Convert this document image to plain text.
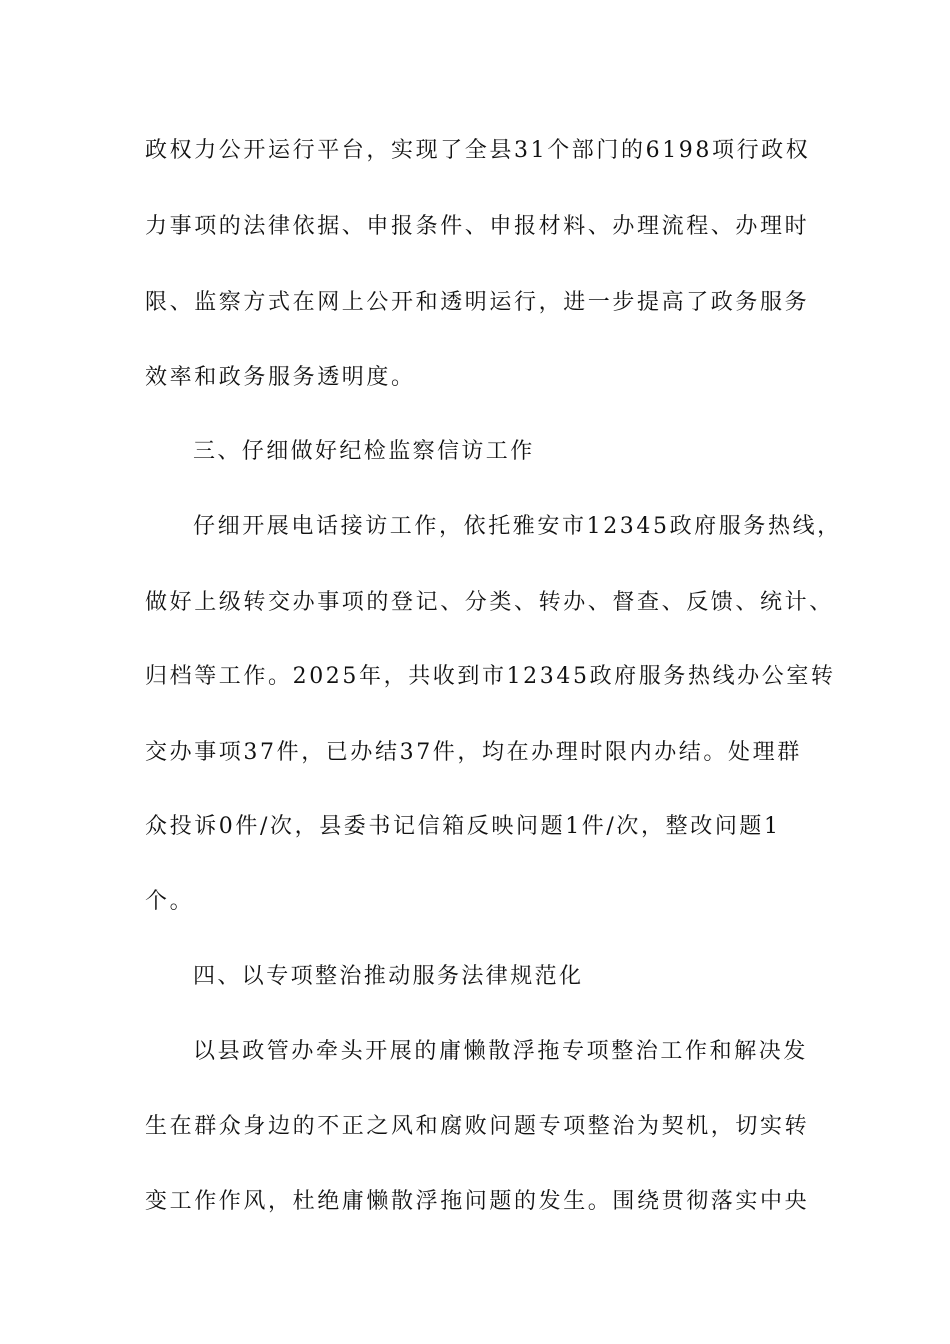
政权力公开运行平台，实现了全县31个部门的6198项行政权
力事项的法律依据、申报条件、申报材料、办理流程、办理时
限、监察方式在网上公开和透明运行，进一步提高了政务服务
效率和政务服务透明度。
三、仔细做好纪检监察信访工作
仔细开展电话接访工作，依托雅安市12345政府服务热线，
做好上级转交办事项的登记、分类、转办、督查、反馈、统计、
归档等工作。2025年，共收到市12345政府服务热线办公室转
交办事项37件，已办结37件，均在办理时限内办结。处理群
众投诉0件/次，县委书记信箱反映问题1件/次，整改问题1
个。
四、以专项整治推动服务法律规范化
以县政管办牵头开展的庸懒散浮拖专项整治工作和解决发
生在群众身边的不正之风和腐败问题专项整治为契机，切实转
变工作作风，杜绝庸懒散浮拖问题的发生。围绕贯彻落实中央
